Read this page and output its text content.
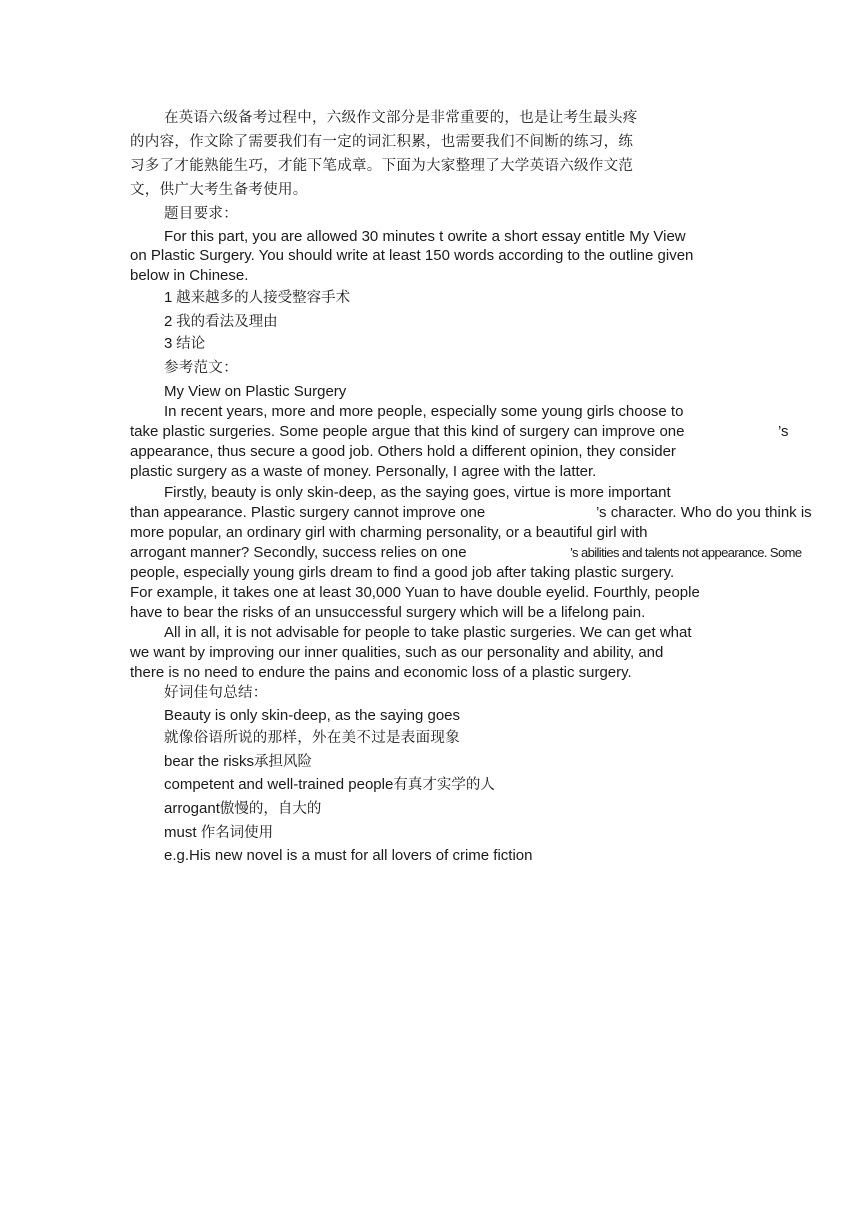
在英语六级备考过程中，六级作文部分是非常重要的，也是让考生最头疼
的内容，作文除了需要我们有一定的词汇积累，也需要我们不间断的练习，练
习多了才能熟能生巧，才能下笔成章。下面为大家整理了大学英语六级作文范
文，供广大考生备考使用。
题目要求：
For this part, you are allowed 30 minutes t owrite a short essay entitle My View
on Plastic Surgery. You should write at least 150 words according to the outline given
below in Chinese.
1 越来越多的人接受整容手术
2 我的看法及理由
3 结论
参考范文：
My View on Plastic Surgery
In recent years, more and more people, especially some young girls choose to
take plastic surgeries. Some people argue that this kind of surgery can improve one	’s
appearance, thus secure a good job. Others hold a different opinion, they consider
plastic surgery as a waste of money. Personally, I agree with the latter.
Firstly, beauty is only skin-deep, as the saying goes, virtue is more important
than appearance. Plastic surgery cannot improve one	’s character. Who do you think is
more popular, an ordinary girl with charming personality, or a beautiful girl with
arrogant manner? Secondly, success relies on one	’s abilities and talents not appearance. Some
people, especially young girls dream to find a good job after taking plastic surgery.
For example, it takes one at least 30,000 Yuan to have double eyelid. Fourthly, people
have to bear the risks of an unsuccessful surgery which will be a lifelong pain.
All in all, it is not advisable for people to take plastic surgeries. We can get what
we want by improving our inner qualities, such as our personality and ability, and
there is no need to endure the pains and economic loss of a plastic surgery.
好词佳句总结：
Beauty is only skin-deep, as the saying goes
就像俗语所说的那样，外在美不过是表面现象
bear the risks承担风险
competent and well-trained people有真才实学的人
arrogant傲慢的，自大的
must 作名词使用
e.g.His new novel is a must for all lovers of crime fiction
